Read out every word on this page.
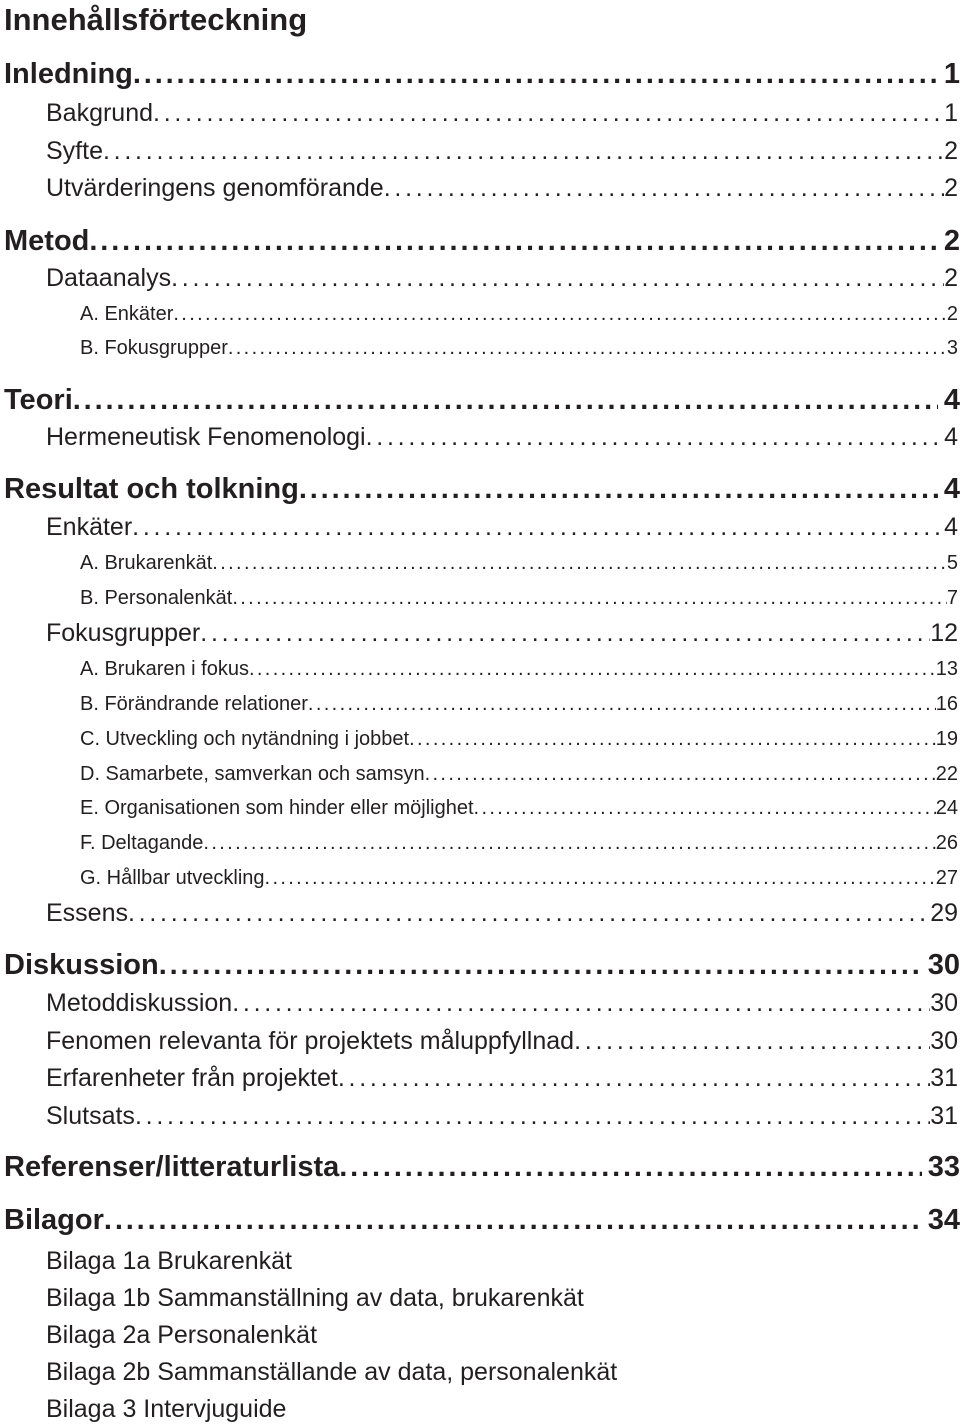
Innehållsförteckning
Inledning . . .	1
Bakgrund . . .	1
Syfte . . .	2
Utvärderingens genomförande . . .	2
Metod . . .	2
Dataanalys . . .	2
A. Enkäter . . .	2
B. Fokusgrupper . . .	3
Teori . . .	4
Hermeneutisk Fenomenologi . . .	4
Resultat och tolkning . . .	4
Enkäter . . .	4
A. Brukarenkät . . .	5
B. Personalenkät . . .	7
Fokusgrupper . . .	12
A. Brukaren i fokus . . .	13
B. Förändrande relationer . . .	16
C. Utveckling och nytändning i jobbet . . .	19
D. Samarbete, samverkan och samsyn . . .	22
E. Organisationen som hinder eller möjlighet . . .	24
F. Deltagande . . .	26
G. Hållbar utveckling . . .	27
Essens . . .	29
Diskussion . . .	30
Metoddiskussion . . .	30
Fenomen relevanta för projektets måluppfyllnad . . .	30
Erfarenheter från projektet . . .	31
Slutsats . . .	31
Referenser/litteraturlista . . .	33
Bilagor . . .	34
Bilaga 1a Brukarenkät
Bilaga 1b Sammanställning av data, brukarenkät
Bilaga 2a Personalenkät
Bilaga 2b Sammanställande av data, personalenkät
Bilaga 3 Intervjuguide
